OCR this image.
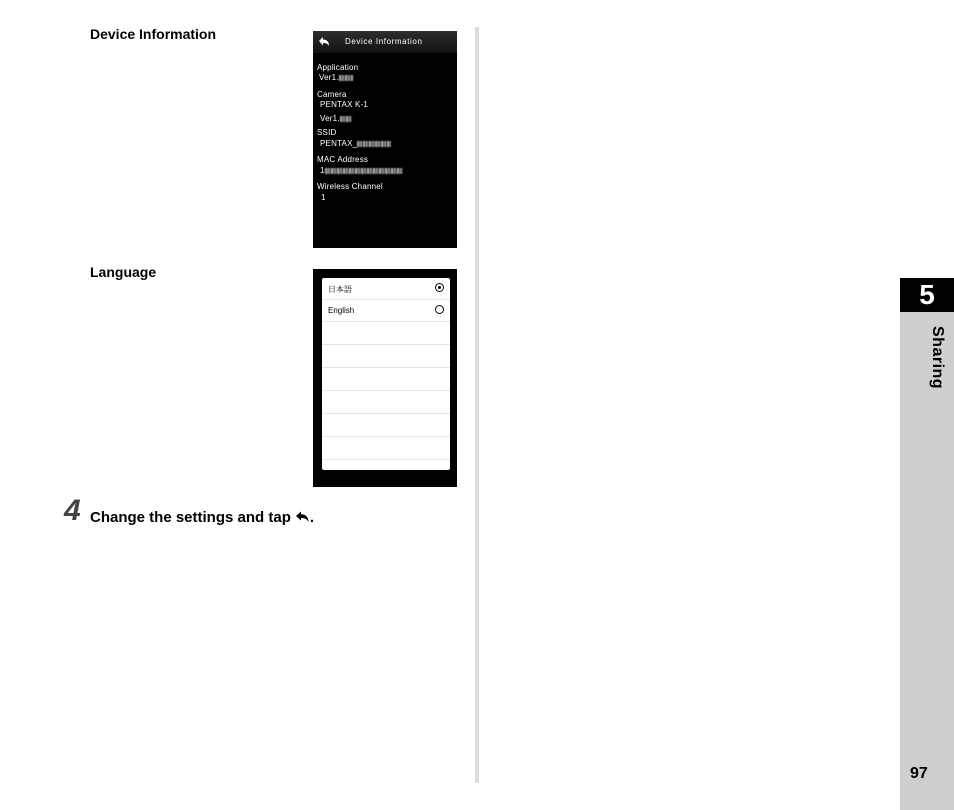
Device Information
Language
Device Information
Application
Ver1.
Camera
PENTAX K-1
Ver1.
SSID
PENTAX_
MAC Address
1
Wireless Channel
1
日本語
English
4 Change the settings and tap .
5
Sharing
97
